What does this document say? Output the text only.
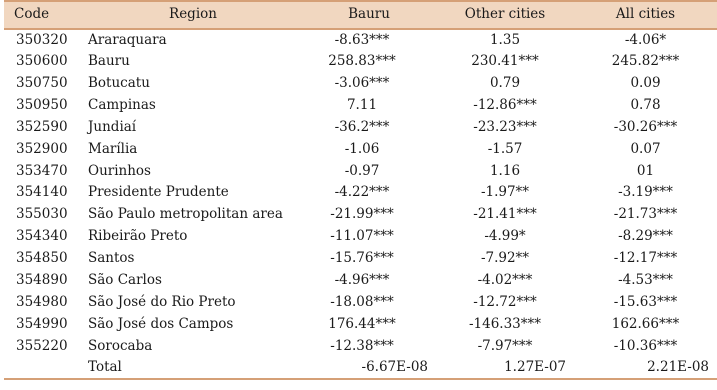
Code	Region	Bauru	Other cities	All cities
350320	Araraquara	-8.63***	1.35	-4.06*
350600	Bauru	258.83***	230.41***	245.82***
350750	Botucatu	-3.06***	0.79	0.09
350950	Campinas	7.11	-12.86***	0.78
352590	Jundiaí	-36.2***	-23.23***	-30.26***
352900	Marília	-1.06	-1.57	0.07
353470	Ourinhos	-0.97	1.16	01
354140	Presidente Prudente	-4.22***	-1.97**	-3.19***
355030	São Paulo metropolitan area	-21.99***	-21.41***	-21.73***
354340	Ribeirão Preto	-11.07***	-4.99*	-8.29***
354850	Santos	-15.76***	-7.92**	-12.17***
354890	São Carlos	-4.96***	-4.02***	-4.53***
354980	São José do Rio Preto	-18.08***	-12.72***	-15.63***
354990	São José dos Campos	176.44***	-146.33***	162.66***
355220	Sorocaba	-12.38***	-7.97***	-10.36***
	Total	-6.67E-08	1.27E-07	2.21E-08
